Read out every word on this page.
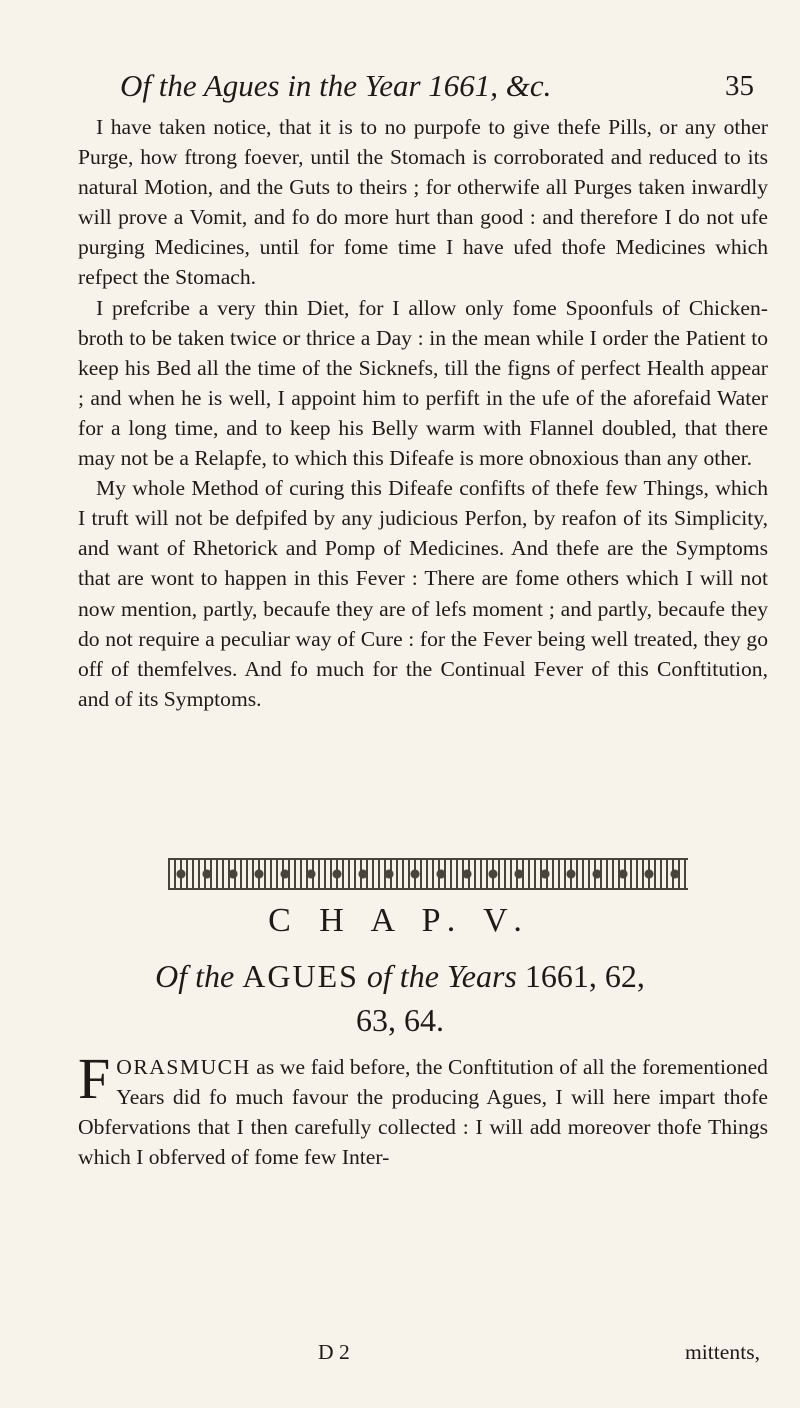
Of the Agues in the Year 1661, &c.	35

I have taken notice, that it is to no purpofe to give thefe Pills, or any other Purge, how ftrong foever, until the Stomach is corroborated and reduced to its natural Motion, and the Guts to theirs ; for otherwife all Purges taken inwardly will prove a Vomit, and fo do more hurt than good : and therefore I do not ufe purging Medicines, until for fome time I have ufed thofe Medicines which refpect the Stomach.

I prefcribe a very thin Diet, for I allow only fome Spoonfuls of Chicken-broth to be taken twice or thrice a Day : in the mean while I order the Patient to keep his Bed all the time of the Sicknefs, till the figns of perfect Health appear ; and when he is well, I appoint him to perfift in the ufe of the aforefaid Water for a long time, and to keep his Belly warm with Flannel doubled, that there may not be a Relapfe, to which this Difeafe is more obnoxious than any other.

My whole Method of curing this Difeafe confifts of thefe few Things, which I truft will not be defpifed by any judicious Perfon, by reafon of its Simplicity, and want of Rhetorick and Pomp of Medicines. And thefe are the Symptoms that are wont to happen in this Fever : There are fome others which I will not now mention, partly, becaufe they are of lefs moment ; and partly, becaufe they do not require a peculiar way of Cure : for the Fever being well treated, they go off of themfelves. And fo much for the Continual Fever of this Conftitution, and of its Symptoms.

C H A P. V.
Of the AGUES of the Years 1661, 62,
63, 64.

F ORASMUCH as we faid before, the Conftitution of all the forementioned Years did fo much favour the producing Agues, I will here impart thofe Obfervations that I then carefully collected : I will add moreover thofe Things which I obferved of fome few Inter-

D 2	mittents,
